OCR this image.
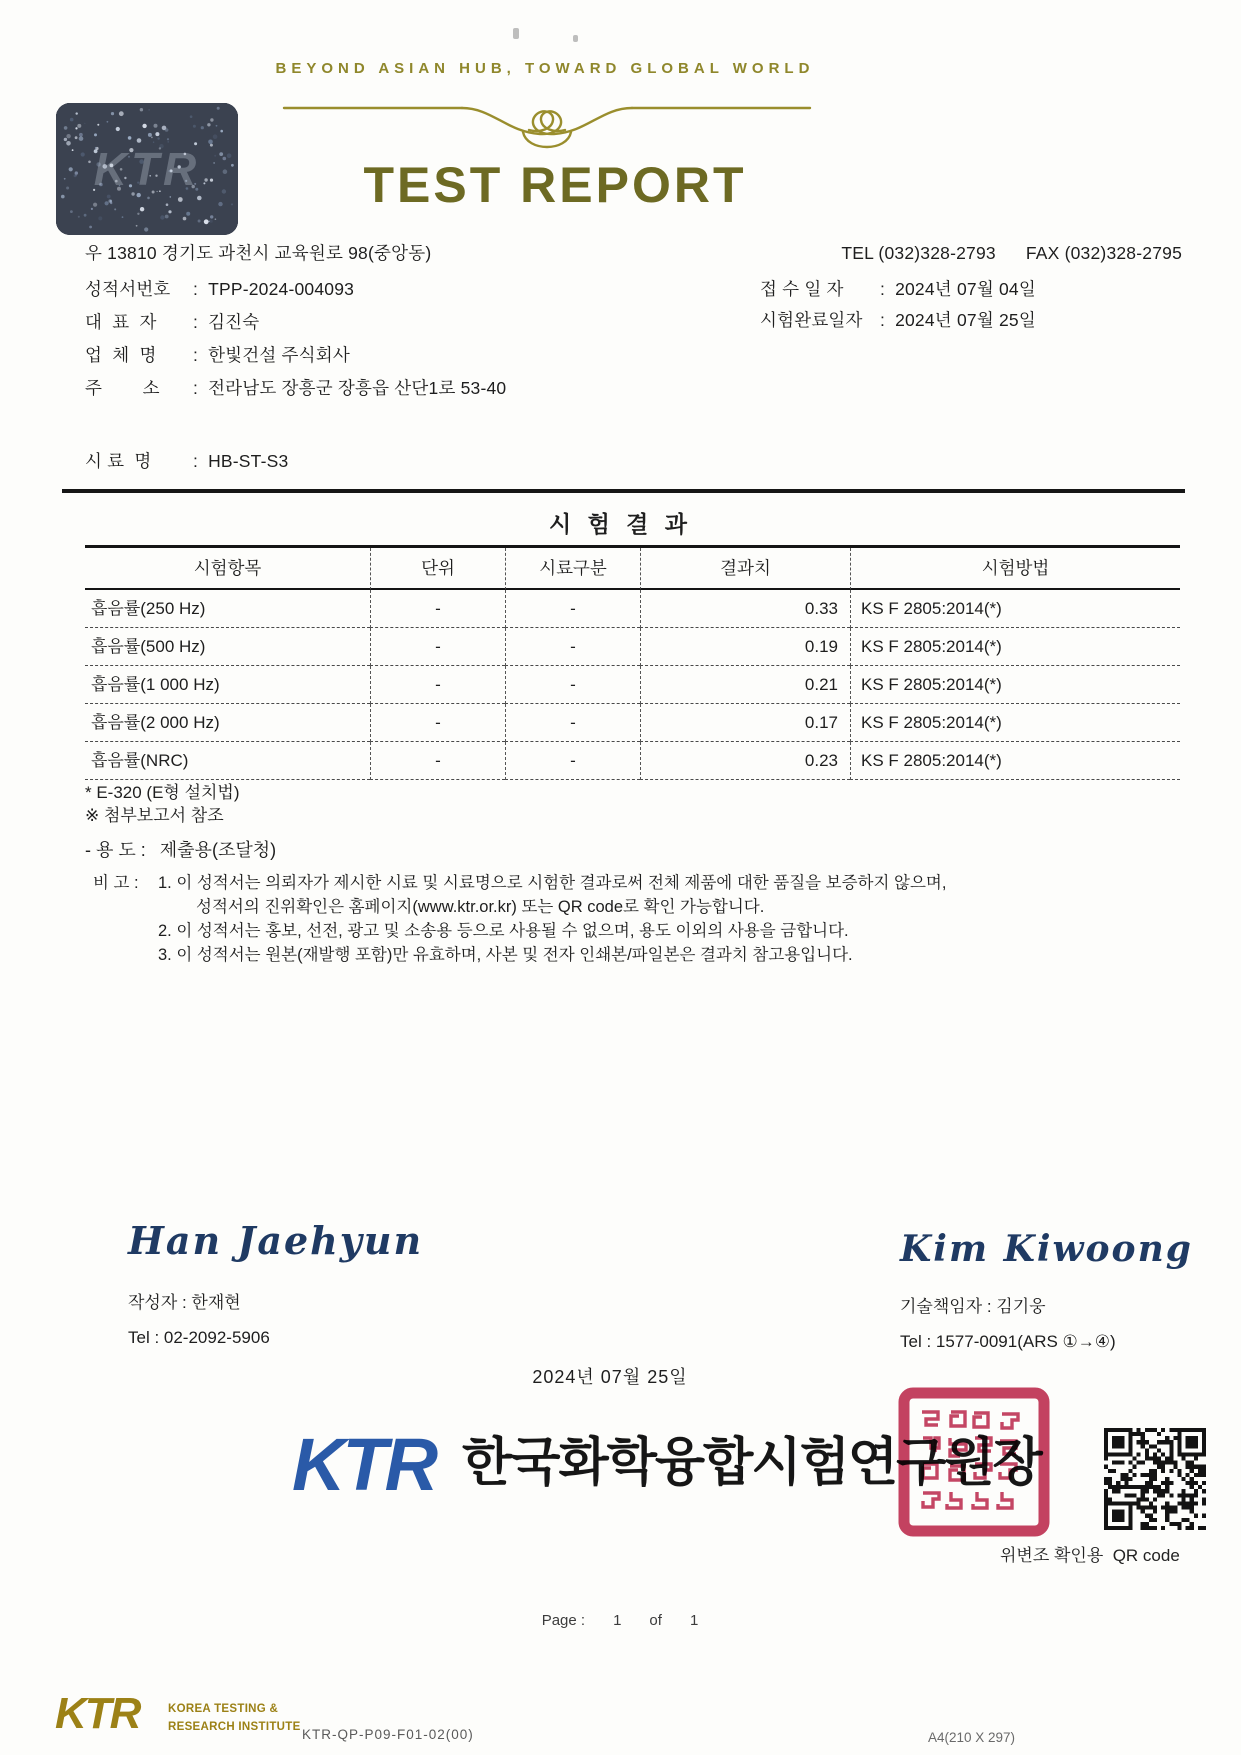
KTR
BEYOND ASIAN HUB, TOWARD GLOBAL WORLD
TEST REPORT
우 13810 경기도 과천시 교육원로 98(중앙동)	TEL (032)328-2793 FAX (032)328-2795
성적서번호 : TPP-2024-004093
대  표  자 : 김진숙
업  체  명 : 한빛건설 주식회사
주        소 : 전라남도 장흥군 장흥읍 산단1로 53-40
접 수 일 자 : 2024년 07월 04일
시험완료일자 : 2024년 07월 25일
시 료  명 : HB-ST-S3
시 험 결 과
시험항목	단위	시료구분	결과치	시험방법
흡음률(250 Hz)	-	-	0.33	KS F 2805:2014(*)
흡음률(500 Hz)	-	-	0.19	KS F 2805:2014(*)
흡음률(1 000 Hz)	-	-	0.21	KS F 2805:2014(*)
흡음률(2 000 Hz)	-	-	0.17	KS F 2805:2014(*)
흡음률(NRC)	-	-	0.23	KS F 2805:2014(*)
* E-320 (E형 설치법)
※ 첨부보고서 참조
- 용 도 : 제출용(조달청)
비 고 : 1. 이 성적서는 의뢰자가 제시한 시료 및 시료명으로 시험한 결과로써 전체 제품에 대한 품질을 보증하지 않으며,
성적서의 진위확인은 홈페이지(www.ktr.or.kr) 또는 QR code로 확인 가능합니다.
2. 이 성적서는 홍보, 선전, 광고 및 소송용 등으로 사용될 수 없으며, 용도 이외의 사용을 금합니다.
3. 이 성적서는 원본(재발행 포함)만 유효하며, 사본 및 전자 인쇄본/파일본은 결과치 참고용입니다.
Han Jaehyun
작성자 : 한재현
Tel : 02-2092-5906
Kim Kiwoong
기술책임자 : 김기웅
Tel : 1577-0091(ARS ①→④)
2024년 07월 25일
KTR 한국화학융합시험연구원장
위변조 확인용  QR code
Page : 1 of 1
KTR KOREA TESTING &
RESEARCH INSTITUTE
KTR-QP-P09-F01-02(00)	A4(210 X 297)
